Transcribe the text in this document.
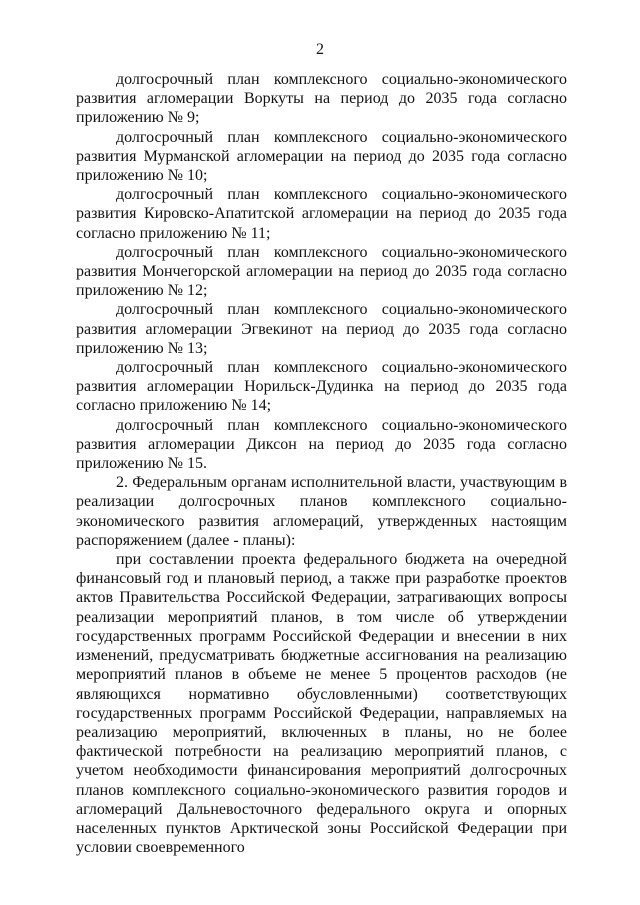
2

долгосрочный план комплексного социально-экономического развития агломерации Воркуты на период до 2035 года согласно приложению № 9;

долгосрочный план комплексного социально-экономического развития Мурманской агломерации на период до 2035 года согласно приложению № 10;

долгосрочный план комплексного социально-экономического развития Кировско-Апатитской агломерации на период до 2035 года согласно приложению № 11;

долгосрочный план комплексного социально-экономического развития Мончегорской агломерации на период до 2035 года согласно приложению № 12;

долгосрочный план комплексного социально-экономического развития агломерации Эгвекинот на период до 2035 года согласно приложению № 13;

долгосрочный план комплексного социально-экономического развития агломерации Норильск-Дудинка на период до 2035 года согласно приложению № 14;

долгосрочный план комплексного социально-экономического развития агломерации Диксон на период до 2035 года согласно приложению № 15.

2. Федеральным органам исполнительной власти, участвующим в реализации долгосрочных планов комплексного социально-экономического развития агломераций, утвержденных настоящим распоряжением (далее - планы):

при составлении проекта федерального бюджета на очередной финансовый год и плановый период, а также при разработке проектов актов Правительства Российской Федерации, затрагивающих вопросы реализации мероприятий планов, в том числе об утверждении государственных программ Российской Федерации и внесении в них изменений, предусматривать бюджетные ассигнования на реализацию мероприятий планов в объеме не менее 5 процентов расходов (не являющихся нормативно обусловленными) соответствующих государственных программ Российской Федерации, направляемых на реализацию мероприятий, включенных в планы, но не более фактической потребности на реализацию мероприятий планов, с учетом необходимости финансирования мероприятий долгосрочных планов комплексного социально-экономического развития городов и агломераций Дальневосточного федерального округа и опорных населенных пунктов Арктической зоны Российской Федерации при условии своевременного
